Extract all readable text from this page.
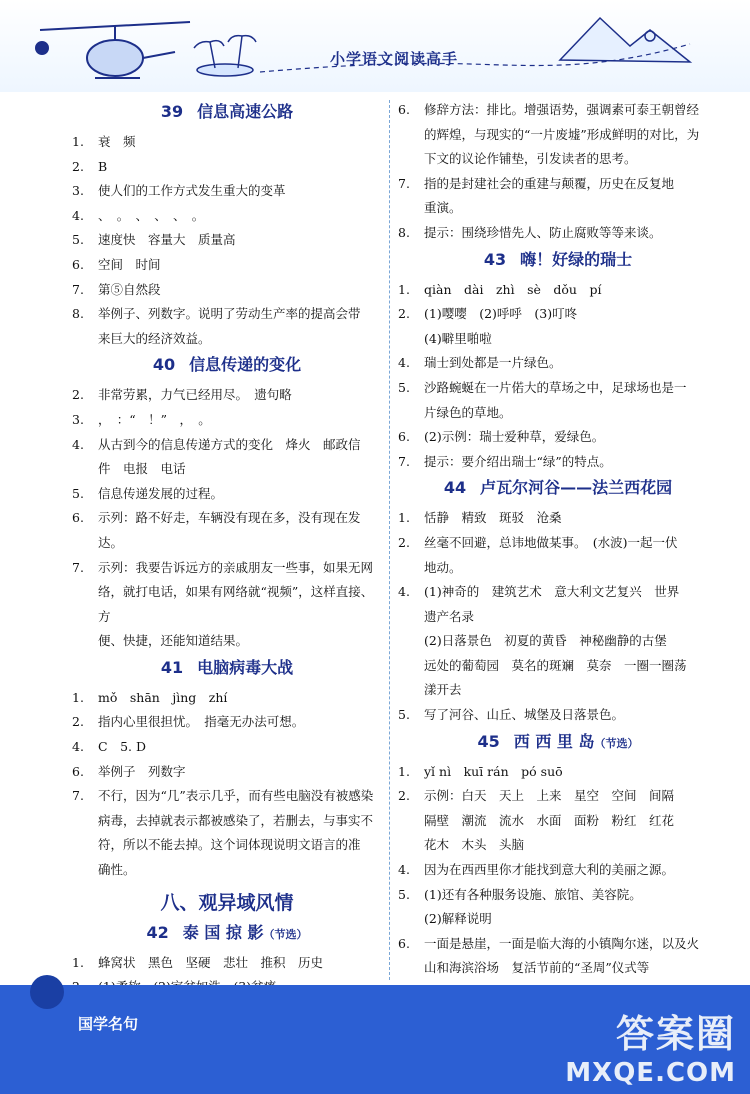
小学语文阅读高手
39 信息高速公路
1.	衰　频
2.	B
3.	使人们的工作方式发生重大的变革
4.	、　。　、　、　、　。
5.	速度快　容量大　质量高
6.	空间　时间
7.	第⑤自然段
8.	举例子、列数字。说明了劳动生产率的提高会带
来巨大的经济效益。
40 信息传递的变化
2.	非常劳累，力气已经用尽。　遗句略
3.	，　：“　！”　，　。
4.	从古到今的信息传递方式的变化　烽火　邮政信
件　电报　电话
5.	信息传递发展的过程。
6.	示列：路不好走，车辆没有现在多，没有现在发达。
7.	示列：我要告诉远方的亲戚朋友一些事，如果无网
络，就打电话，如果有网络就“视频”，这样直接、方
便、快捷，还能知道结果。
41 电脑病毒大战
1.	mǒ　shān　jìng　zhí
2.	指内心里很担忧。　指毫无办法可想。
4.	C　5. D
6.	举例子　列数字
7.	不行，因为“几”表示几乎，而有些电脑没有被感染
病毒，去掉就表示都被感染了，若删去，与事实不
符，所以不能去掉。这个词体现说明文语言的准
确性。
八、观异域风情
42 泰 国 掠 影（节选）
1.	蜂窝状　黑色　坚硬　悲壮　推积　历史
6.	修辞方法：排比。增强语势，强调素可泰王朝曾经
的辉煌，与现实的“一片废墟”形成鲜明的对比，为
下文的议论作铺垫，引发读者的思考。
7.	指的是封建社会的重建与颠覆，历史在反复地
重演。
8.	提示：围绕珍惜先人、防止腐败等等来谈。
43 嗨！好绿的瑞士
1.	qiàn　dài　zhì　sè　dǒu　pí
2.	(1)嘤嘤　(2)呼呼　(3)叮咚
(4)噼里啪啦
4.	瑞士到处都是一片绿色。
5.	沙路蜿蜒在一片偌大的草场之中，足球场也是一
片绿色的草地。
6.	(2)示例：瑞士爱种草，爱绿色。
7.	提示：要介绍出瑞士“绿”的特点。
44 卢瓦尔河谷——法兰西花园
1.	恬静　精致　斑驳　沧桑
2.	丝毫不回避，总讳地做某事。　(水波)一起一伏
地动。
4.	(1)神奇的　建筑艺术　意大利文艺复兴　世界
遗产名录
(2)日落景色　初夏的黄昏　神秘幽静的古堡
远处的葡萄园　莫名的斑斓　莫奈　一圈一圈荡
漾开去
5.	写了河谷、山丘、城堡及日落景色。
45 西 西 里 岛（节选）
1.	yǐ nì　kuī rán　pó suō
2.	示例：白天　天上　上来　星空　空间　间隔
隔壁　潮流　流水　水面　面粉　粉红　红花
花木　木头　头脑
4.	因为在西西里你才能找到意大利的美丽之源。
5.	(1)还有各种服务设施、旅馆、美容院。
(2)解释说明
6.	一面是悬崖，一面是临大海的小镇陶尔迷，以及火
山和海滨浴场　复活节前的“圣周”仪式等
国学名句	答案圈
MXQE.COM
